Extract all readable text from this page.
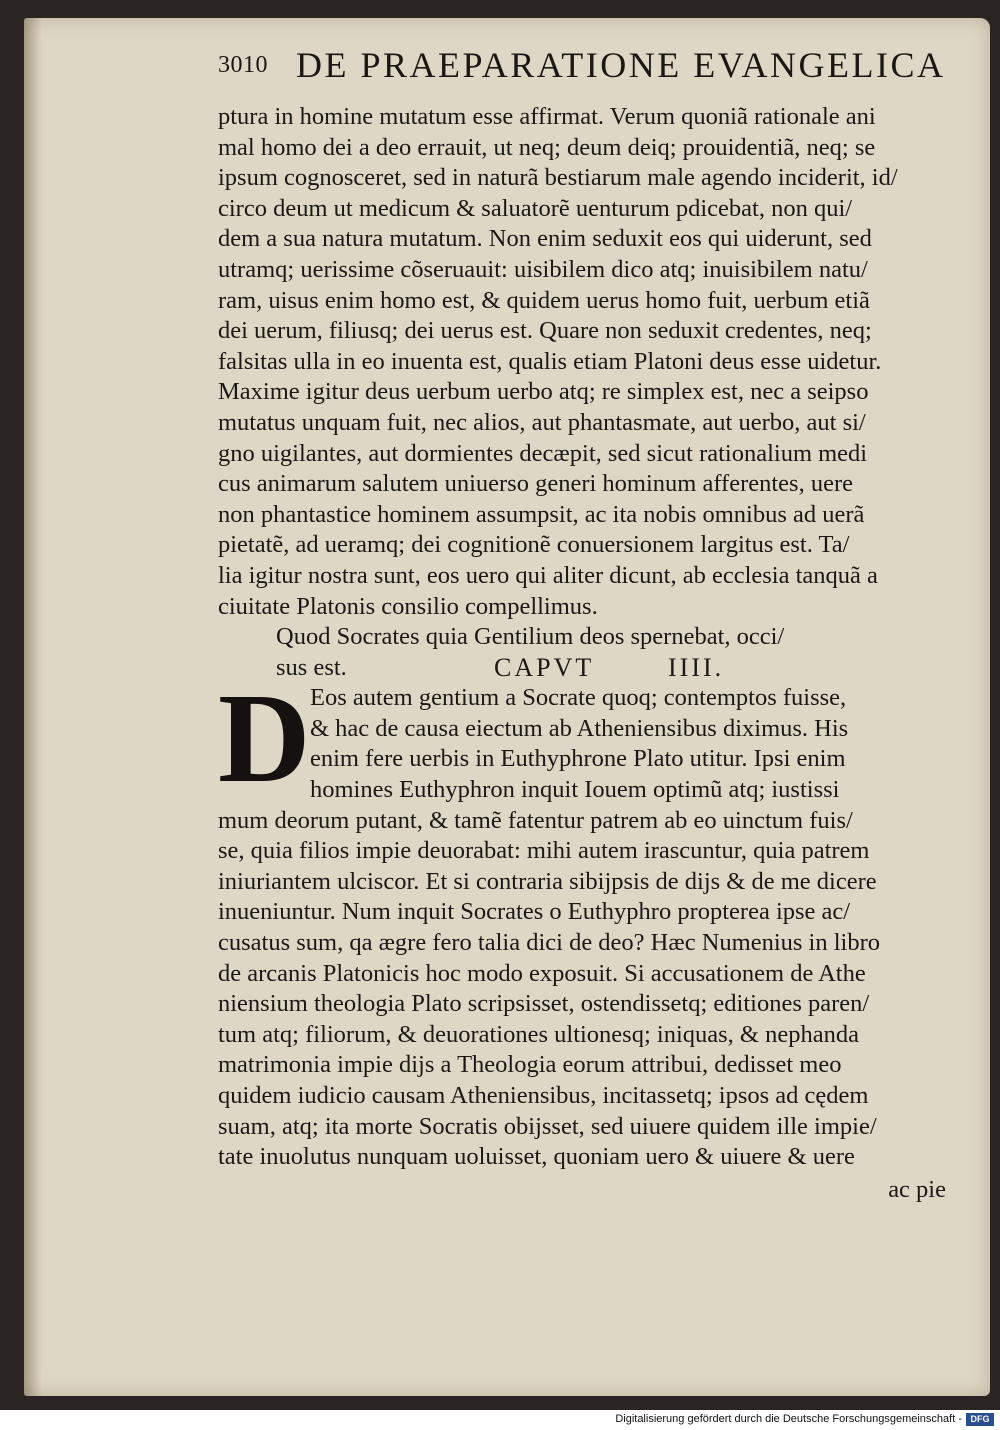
3010 DE PRAEPARATIONE EVANGELICA
ptura in homine mutatum esse affirmat. Verum quoniã rationale ani
mal homo dei a deo errauit, ut neq; deum deiq; prouidentiã, neq; se
ipsum cognosceret, sed in naturã bestiarum male agendo inciderit, id/
circo deum ut medicum & saluatorẽ uenturum pdicebat, non qui/
dem a sua natura mutatum. Non enim seduxit eos qui uiderunt, sed
utramq; uerissime cõseruauit: uisibilem dico atq; inuisibilem natu/
ram, uisus enim homo est, & quidem uerus homo fuit, uerbum etiã
dei uerum, filiusq; dei uerus est. Quare non seduxit credentes, neq;
falsitas ulla in eo inuenta est, qualis etiam Platoni deus esse uidetur.
Maxime igitur deus uerbum uerbo atq; re simplex est, nec a seipso
mutatus unquam fuit, nec alios, aut phantasmate, aut uerbo, aut si/
gno uigilantes, aut dormientes decæpit, sed sicut rationalium medi
cus animarum salutem uniuerso generi hominum afferentes, uere
non phantastice hominem assumpsit, ac ita nobis omnibus ad uerã
pietatẽ, ad ueramq; dei cognitionẽ conuersionem largitus est. Ta/
lia igitur nostra sunt, eos uero qui aliter dicunt, ab ecclesia tanquã a
ciuitate Platonis consilio compellimus.
Quod Socrates quia Gentilium deos spernebat, occi/
sus est.	CAPVT	IIII.
D Eos autem gentium a Socrate quoq; contemptos fuisse,
& hac de causa eiectum ab Atheniensibus diximus. His
enim fere uerbis in Euthyphrone Plato utitur. Ipsi enim
homines Euthyphron inquit Iouem optimũ atq; iustissi
mum deorum putant, & tamẽ fatentur patrem ab eo uinctum fuis/
se, quia filios impie deuorabat: mihi autem irascuntur, quia patrem
iniuriantem ulciscor. Et si contraria sibijpsis de dijs & de me dicere
inueniuntur. Num inquit Socrates o Euthyphro propterea ipse ac/
cusatus sum, qa ægre fero talia dici de deo? Hæc Numenius in libro
de arcanis Platonicis hoc modo exposuit. Si accusationem de Athe
niensium theologia Plato scripsisset, ostendissetq; editiones paren/
tum atq; filiorum, & deuorationes ultionesq; iniquas, & nephanda
matrimonia impie dijs a Theologia eorum attribui, dedisset meo
quidem iudicio causam Atheniensibus, incitassetq; ipsos ad cędem
suam, atq; ita morte Socratis obijsset, sed uiuere quidem ille impie/
tate inuolutus nunquam uoluisset, quoniam uero & uiuere & uere
ac pie
Digitalisierung gefördert durch die Deutsche Forschungsgemeinschaft - DFG
